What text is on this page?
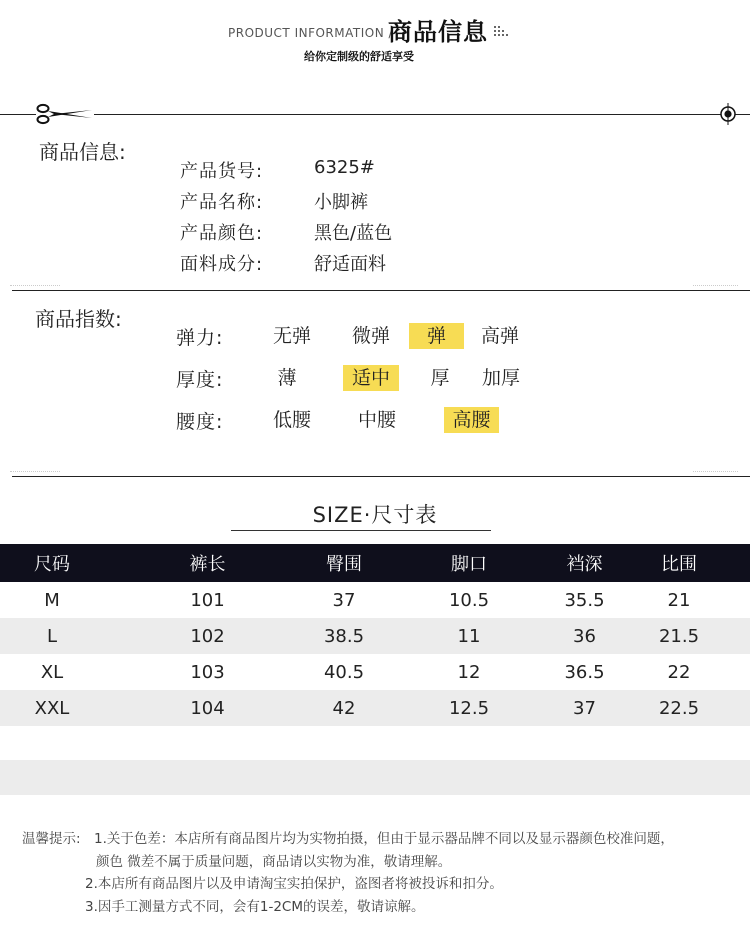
PRODUCT INFORMATION /
商品信息
给你定制级的舒适享受
商品信息:
产品货号:	6325#
产品名称:	小脚裤
产品颜色:	黑色/蓝色
面料成分:	舒适面料
商品指数:
弹力:	无弹	微弹	弹	高弹
厚度:	薄	适中	厚	加厚
腰度:	低腰	中腰	高腰
SIZE·尺寸表
尺码	裤长	臀围	脚口	裆深	比围
M	101	37	10.5	35.5	21
L	102	38.5	11	36	21.5
XL	103	40.5	12	36.5	22
XXL	104	42	12.5	37	22.5
温馨提示: 1.关于色差：本店所有商品图片均为实物拍摄，但由于显示器品牌不同以及显示器颜色校准问题，
颜色 微差不属于质量问题，商品请以实物为准，敬请理解。
2.本店所有商品图片以及申请淘宝实拍保护，盗图者将被投诉和扣分。
3.因手工测量方式不同，会有1-2CM的误差，敬请谅解。
